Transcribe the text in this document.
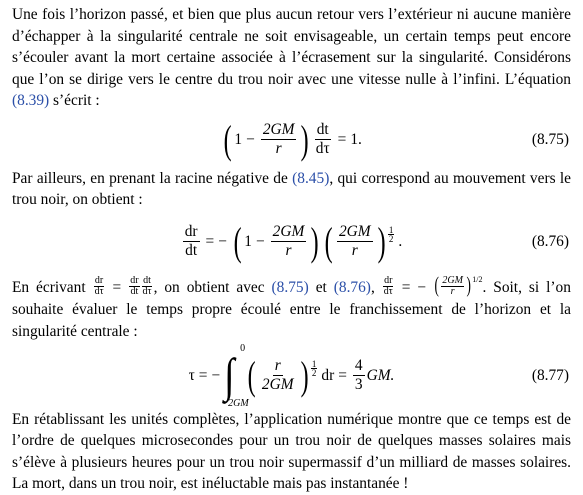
Une fois l’horizon passé, et bien que plus aucun retour vers l’extérieur ni aucune manière d’échapper à la singularité centrale ne soit envisageable, un certain temps peut encore s’écouler avant la mort certaine associée à l’écrasement sur la singularité. Considérons que l’on se dirige vers le centre du trou noir avec une vitesse nulle à l’infini. L’équation (8.39) s’écrit :

( $1 - \frac{2GM}{r}$ ) $\frac{dt}{d\tau} = 1$.	(8.75)

Par ailleurs, en prenant la racine négative de (8.45), qui correspond au mouvement vers le trou noir, on obtient :

$\frac{dr}{dt}$ = − ( $1 - \frac{2GM}{r}$ ) ( $\frac{2GM}{r}$ ) 1
2 .	(8.76)

En écrivant $\frac{dr}{d\tau} = \frac{dr}{dt} \frac{dt}{d\tau}$ , on obtient avec (8.75) et (8.76), $\frac{dr}{d\tau}$ = − ( $\frac{2GM}{r} )^{1/2}$. Soit, si l’on souhaite évaluer le temps propre écoulé entre le franchissement de l’horizon et la singularité centrale :

τ = − ∫
0
2GM
( $\frac{r}{2GM}$ ) 1
2 dr = $\frac{4}{3}$ GM.	(8.77)

En rétablissant les unités complètes, l’application numérique montre que ce temps est de l’ordre de quelques microsecondes pour un trou noir de quelques masses solaires mais s’élève à plusieurs heures pour un trou noir supermassif d’un milliard de masses solaires. La mort, dans un trou noir, est inéluctable mais pas instantanée !
